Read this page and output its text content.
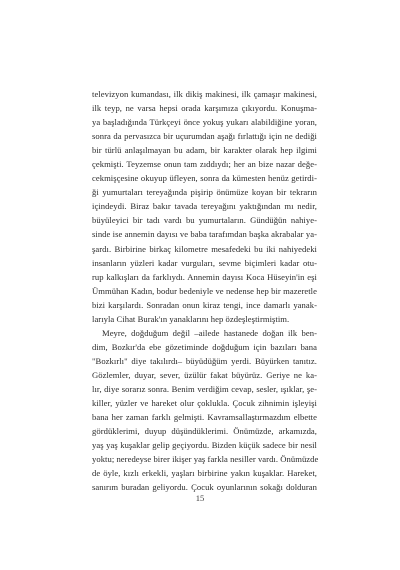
televizyon kumandası, ilk dikiş makinesi, ilk çamaşır makinesi,
ilk teyp, ne varsa hepsi orada karşımıza çıkıyordu. Konuşma-
ya başladığında Türkçeyi önce yokuş yukarı alabildiğine yoran,
sonra da pervasızca bir uçurumdan aşağı fırlattığı için ne dediği
bir türlü anlaşılmayan bu adam, bir karakter olarak hep ilgimi
çekmişti. Teyzemse onun tam zıddıydı; her an bize nazar değe-
cekmişçesine okuyup üfleyen, sonra da kümesten henüz getirdi-
ği yumurtaları tereyağında pişirip önümüze koyan bir tekrarın
içindeydi. Biraz bakır tavada tereyağını yaktığından mı nedir,
büyüleyici bir tadı vardı bu yumurtaların. Gündüğün nahiye-
sinde ise annemin dayısı ve baba tarafımdan başka akrabalar ya-
şardı. Birbirine birkaç kilometre mesafedeki bu iki nahiyedeki
insanların yüzleri kadar vurguları, sevme biçimleri kadar otu-
rup kalkışları da farklıydı. Annemin dayısı Koca Hüseyin'in eşi
Ümmühan Kadın, bodur bedeniyle ve nedense hep bir mazeretle
bizi karşılardı. Sonradan onun kiraz tengi, ince damarlı yanak-
larıyla Cihat Burak'ın yanaklarını hep özdeşleştirmiştim.
Meyre, doğduğum değil –ailede hastanede doğan ilk ben-
dim, Bozkır'da ebe gözetiminde doğduğum için bazıları bana
"Bozkırlı" diye takılırdı– büyüdüğüm yerdi. Büyürken tanıtız.
Gözlemler, duyar, sever, üzülür fakat büyürüz. Geriye ne ka-
lır, diye sorarız sonra. Benim verdiğim cevap, sesler, ışıklar, şe-
killer, yüzler ve hareket olur çoklukla. Çocuk zihnimin işleyişi
bana her zaman farklı gelmişti. Kavramsallaştırmazdım elbette
gördüklerimi, duyup düşündüklerimi. Önümüzde, arkamızda,
yaş yaş kuşaklar gelip geçiyordu. Bizden küçük sadece bir nesil
yoktu; neredeyse birer ikişer yaş farkla nesiller vardı. Önümüzde
de öyle, kızlı erkekli, yaşları birbirine yakın kuşaklar. Hareket,
sanırım buradan geliyordu. Çocuk oyunlarının sokağı dolduran
15
